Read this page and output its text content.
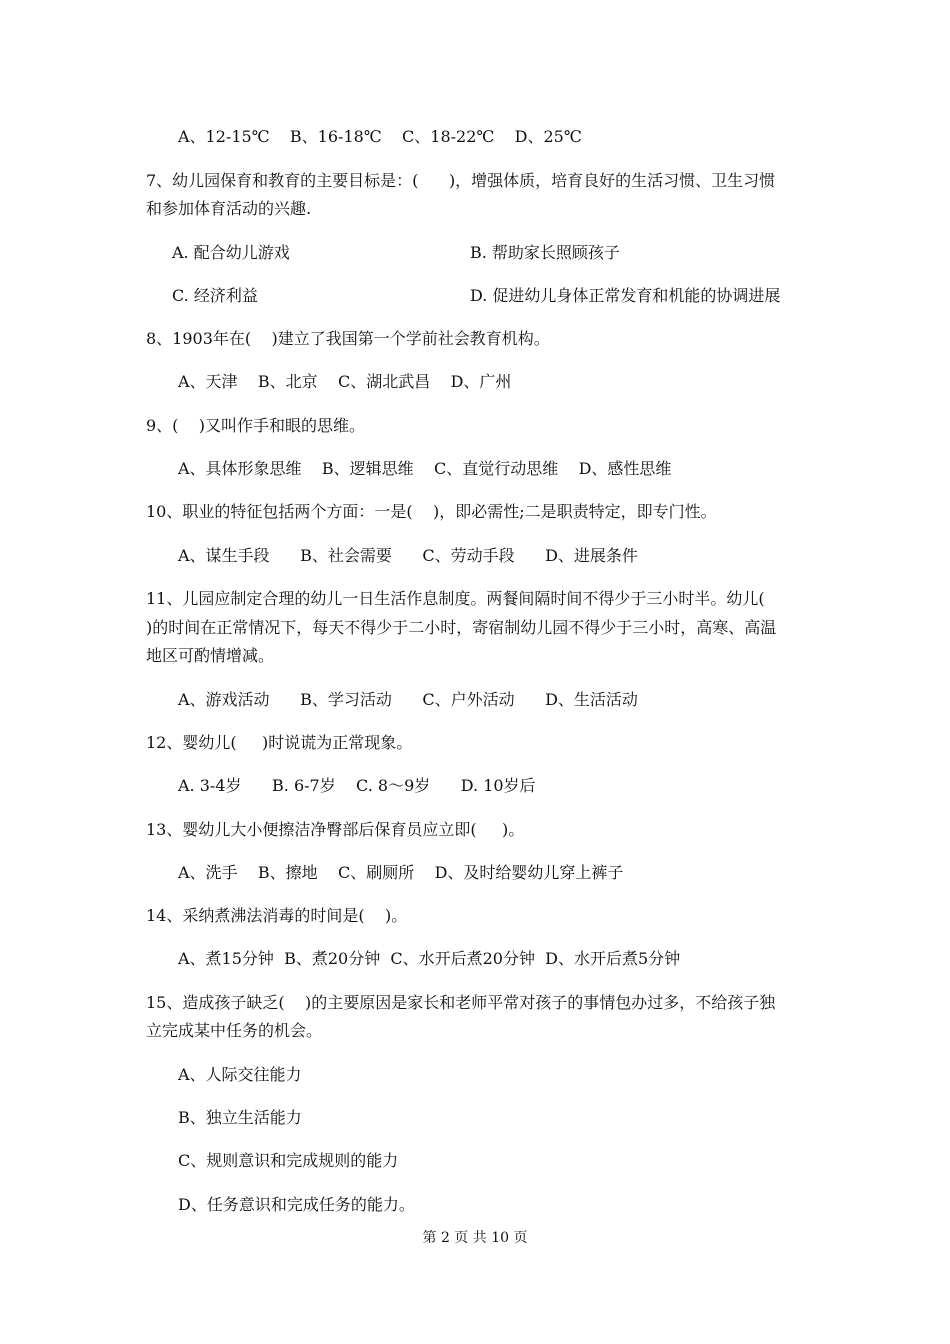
A、12-15℃    B、16-18℃    C、18-22℃    D、25℃
7、幼儿园保育和教育的主要目标是：(      )，增强体质，培育良好的生活习惯、卫生习惯
和参加体育活动的兴趣.
A. 配合幼儿游戏	B. 帮助家长照顾孩子
C. 经济利益	D. 促进幼儿身体正常发育和机能的协调进展
8、1903年在(    )建立了我国第一个学前社会教育机构。
A、天津    B、北京    C、湖北武昌    D、广州
9、(    )又叫作手和眼的思维。
A、具体形象思维    B、逻辑思维    C、直觉行动思维    D、感性思维
10、职业的特征包括两个方面：一是(    )，即必需性;二是职责特定，即专门性。
A、谋生手段      B、社会需要      C、劳动手段      D、进展条件
11、儿园应制定合理的幼儿一日生活作息制度。两餐间隔时间不得少于三小时半。幼儿(
)的时间在正常情况下，每天不得少于二小时，寄宿制幼儿园不得少于三小时，高寒、高温
地区可酌情增减。
A、游戏活动      B、学习活动      C、户外活动      D、生活活动
12、婴幼儿(     )时说谎为正常现象。
A. 3-4岁      B. 6-7岁    C. 8～9岁      D. 10岁后
13、婴幼儿大小便擦洁净臀部后保育员应立即(     )。
A、洗手    B、擦地    C、刷厕所    D、及时给婴幼儿穿上裤子
14、采纳煮沸法消毒的时间是(    )。
A、煮15分钟  B、煮20分钟  C、水开后煮20分钟  D、水开后煮5分钟
15、造成孩子缺乏(    )的主要原因是家长和老师平常对孩子的事情包办过多，不给孩子独
立完成某中任务的机会。
A、人际交往能力
B、独立生活能力
C、规则意识和完成规则的能力
D、任务意识和完成任务的能力。
第 2 页 共 10 页
